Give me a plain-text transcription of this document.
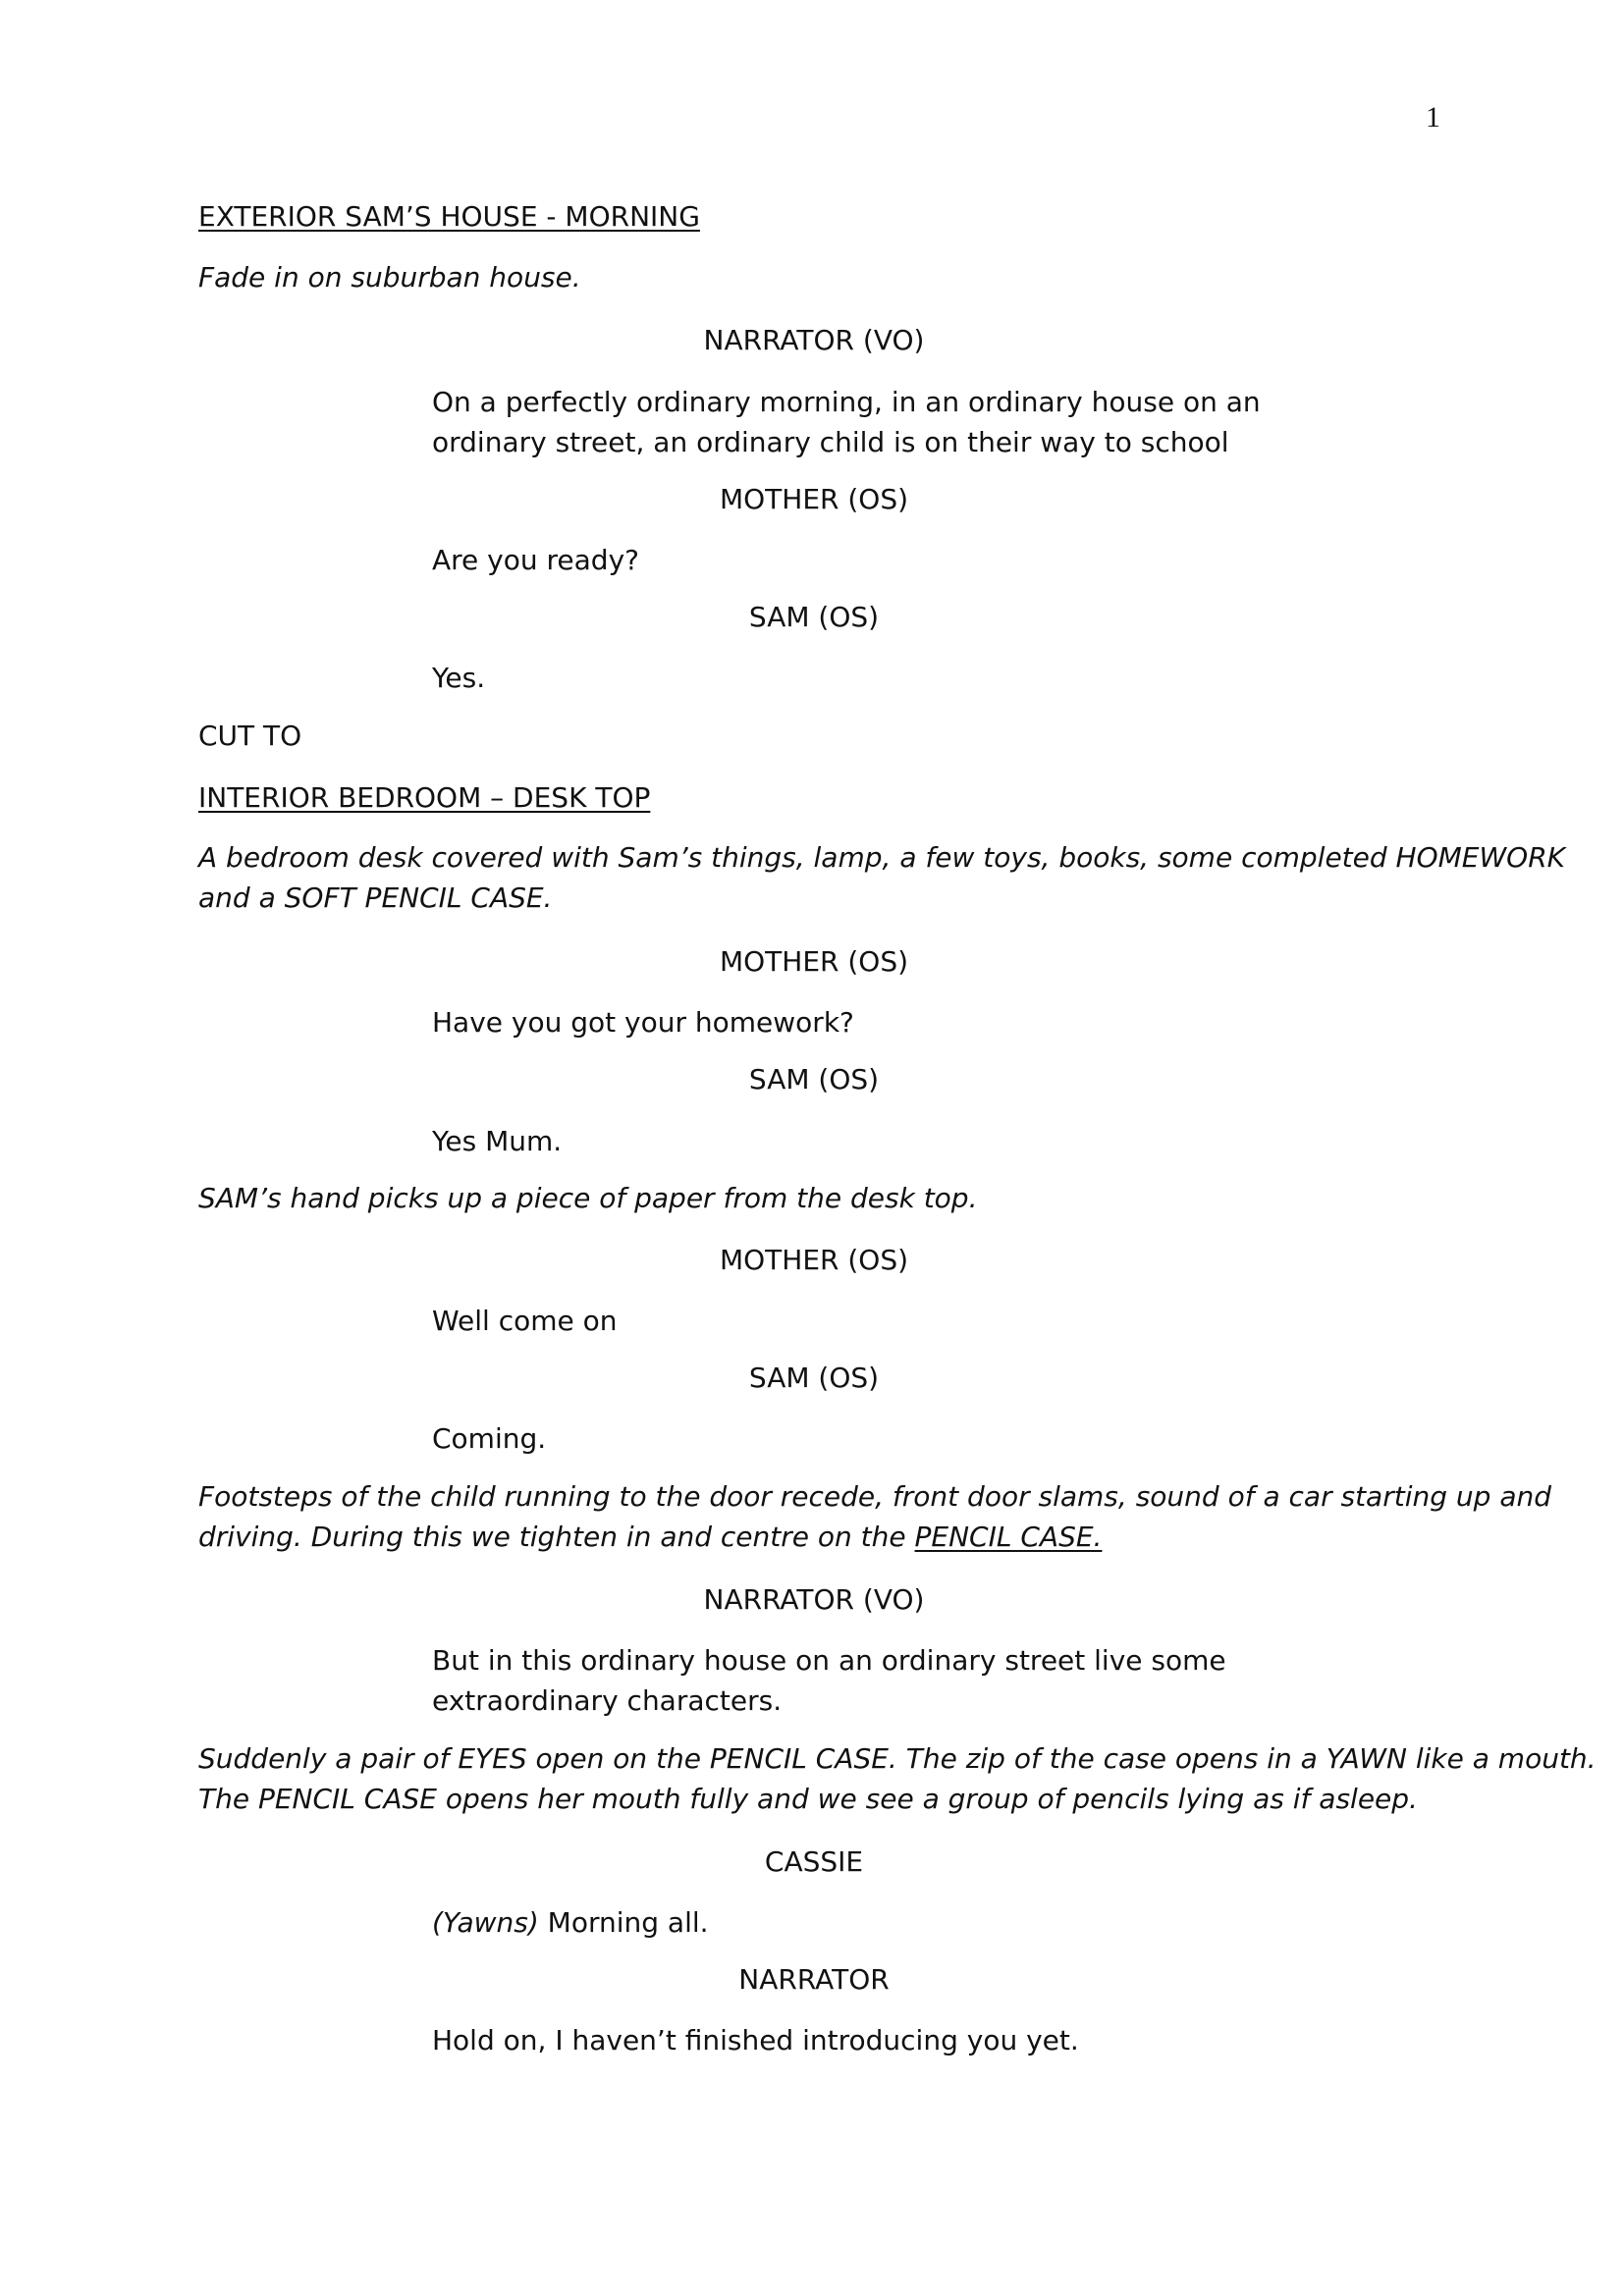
1
EXTERIOR SAM’S HOUSE - MORNING
Fade in on suburban house.
NARRATOR (VO)
On a perfectly ordinary morning, in an ordinary house on an
ordinary street, an ordinary child is on their way to school
MOTHER (OS)
Are you ready?
SAM (OS)
Yes.
CUT TO
INTERIOR BEDROOM – DESK TOP
A bedroom desk covered with Sam’s things, lamp, a few toys, books, some completed HOMEWORK
and a SOFT PENCIL CASE.
MOTHER (OS)
Have you got your homework?
SAM (OS)
Yes Mum.
SAM’s hand picks up a piece of paper from the desk top.
MOTHER (OS)
Well come on
SAM (OS)
Coming.
Footsteps of the child running to the door recede, front door slams, sound of a car starting up and
driving. During this we tighten in and centre on the PENCIL CASE.
NARRATOR (VO)
But in this ordinary house on an ordinary street live some
extraordinary characters.
Suddenly a pair of EYES open on the PENCIL CASE. The zip of the case opens in a YAWN like a mouth.
The PENCIL CASE opens her mouth fully and we see a group of pencils lying as if asleep.
CASSIE
(Yawns) Morning all.
NARRATOR
Hold on, I haven’t finished introducing you yet.
